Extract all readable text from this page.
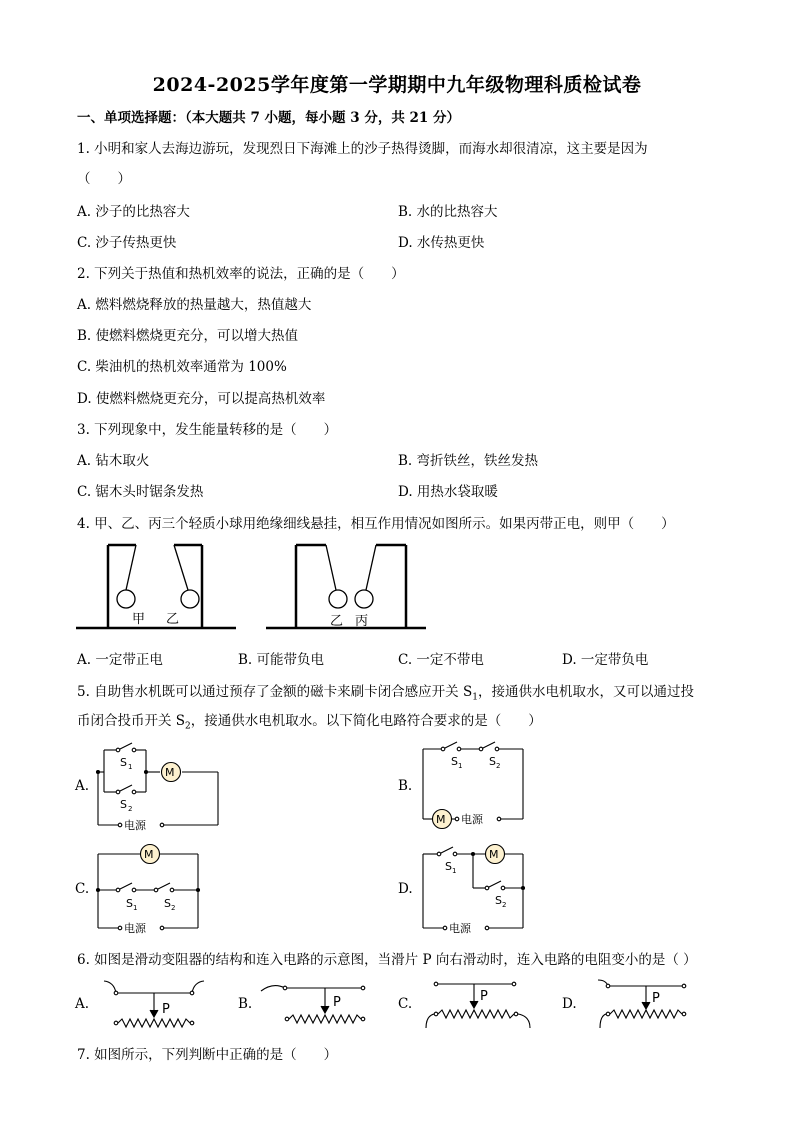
2024-2025学年度第一学期期中九年级物理科质检试卷
一、单项选择题：（本大题共 7 小题，每小题 3 分，共 21 分）
1. 小明和家人去海边游玩，发现烈日下海滩上的沙子热得烫脚，而海水却很清凉，这主要是因为
（　　）
A. 沙子的比热容大	B. 水的比热容大
C. 沙子传热更快	D. 水传热更快
2. 下列关于热值和热机效率的说法，正确的是（　　）
A. 燃料燃烧释放的热量越大，热值越大
B. 使燃料燃烧更充分，可以增大热值
C. 柴油机的热机效率通常为 100%
D. 使燃料燃烧更充分，可以提高热机效率
3. 下列现象中，发生能量转移的是（　　）
A. 钻木取火	B. 弯折铁丝，铁丝发热
C. 锯木头时锯条发热	D. 用热水袋取暖
4. 甲、乙、丙三个轻质小球用绝缘细线悬挂，相互作用情况如图所示。如果丙带正电，则甲（　　）
甲 乙	乙 丙
A. 一定带正电	B. 可能带负电	C. 一定不带电	D. 一定带负电
5. 自助售水机既可以通过预存了金额的磁卡来刷卡闭合感应开关 $S_1$，接通供水电机取水，又可以通过投
币闭合投币开关 $S_2$，接通供水电机取水。以下简化电路符合要求的是（　　）
A.
M
S 1
S 2
电源
B.
M
S 1 S 2
电源
C.
M
S 1 S 2
电源
D.
M
S 1
S 2
电源
6. 如图是滑动变阻器的结构和连入电路的示意图，当滑片 P 向右滑动时，连入电路的电阻变小的是（ ）
A.	P	B.	P	C.	P	D.	P
7. 如图所示，下列判断中正确的是（　　）
